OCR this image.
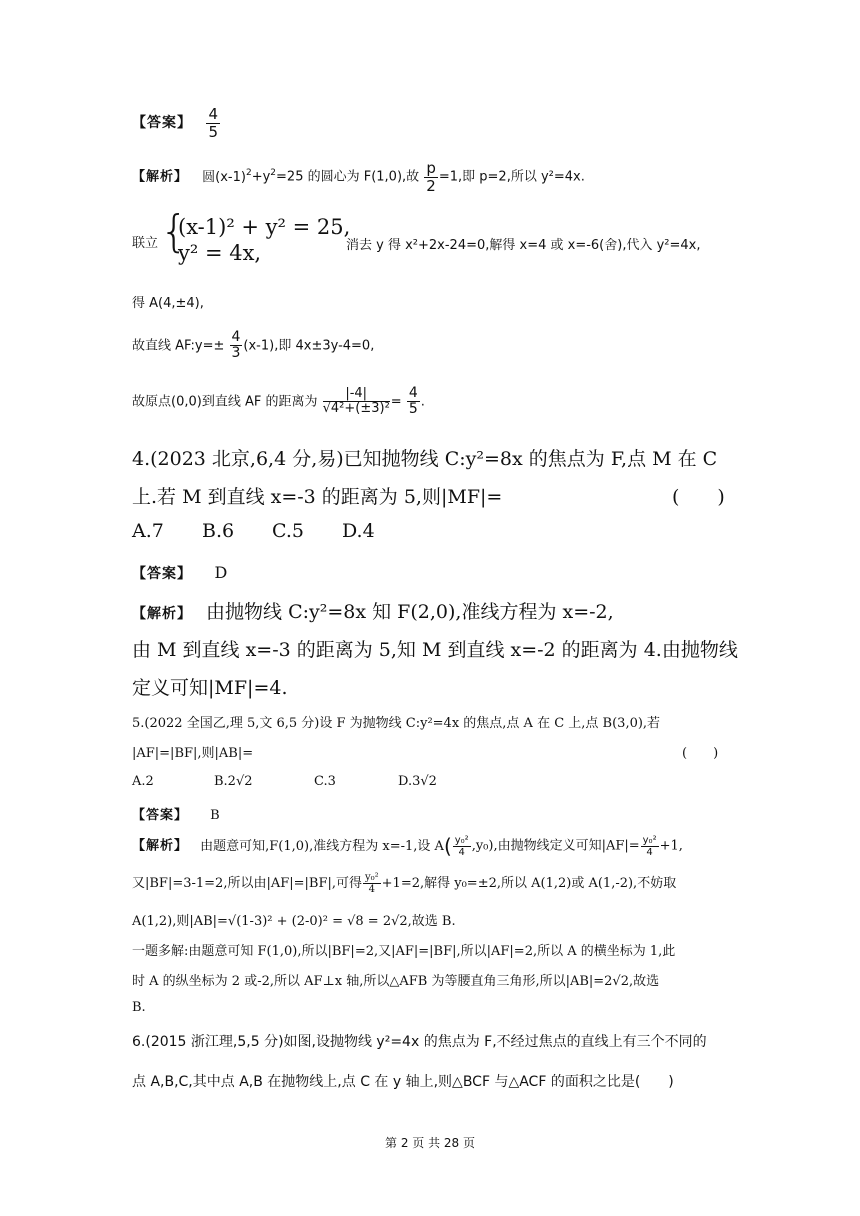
【答案】 $\frac{4}{5}$
【解析】 圆$(x-1)^2+y^2=25$ 的圆心为 F(1,0),故 $\frac{p}{2} =1$,即 p=2,所以 y²=4x.
联立 {
(x-1)² + y² = 25,
y² = 4x,	消去 y 得 x²+2x-24=0,解得 x=4 或 x=-6(舍),代入 y²=4x,
得 A(4,±4),
故直线 AF:y=± $\frac{4}{3} (x-1)$,即 4x±3y-4=0,
故原点(0,0)到直线 AF 的距离为 $\frac{|-4|}{\text{√4²+(±3)²}} = \frac{4}{5}$ .
4.(2023 北京,6,4 分,易)已知抛物线 C:y²=8x 的焦点为 F,点 M 在 C
上.若 M 到直线 x=-3 的距离为 5,则|MF|=	(　　)
A.7 B.6 C.5 D.4
【答案】 D
【解析】 由抛物线 C:y²=8x 知 F(2,0),准线方程为 x=-2,
由 M 到直线 x=-3 的距离为 5,知 M 到直线 x=-2 的距离为 4.由抛物线
定义可知|MF|=4.
5.(2022 全国乙,理 5,文 6,5 分)设 F 为抛物线 C:y²=4x 的焦点,点 A 在 C 上,点 B(3,0),若
|AF|=|BF|,则|AB|=	(　　)
A.2	B.2√2	C.3	D.3√2
【答案】 B
【解析】 由题意可知,F(1,0),准线方程为 x=-1,设 $A( \frac{\text{y₀²}}{4} ,y_0)$,由抛物线定义可知$|AF|= \frac{\text{y₀²}}{4} +1$,
又|BF|=3-1=2,所以由|AF|=|BF|,可得 $\frac{\text{y₀²}}{4} +1=2$,解得 y₀=±2,所以 A(1,2)或 A(1,-2),不妨取
A(1,2),则|AB|=√(1-3)² + (2-0)² = √8 = 2√2,故选 B.
一题多解:由题意可知 F(1,0),所以|BF|=2,又|AF|=|BF|,所以|AF|=2,所以 A 的横坐标为 1,此
时 A 的纵坐标为 2 或-2,所以 AF⊥x 轴,所以△AFB 为等腰直角三角形,所以|AB|=2√2,故选
B.
6.(2015 浙江理,5,5 分)如图,设抛物线 y²=4x 的焦点为 F,不经过焦点的直线上有三个不同的
点 A,B,C,其中点 A,B 在抛物线上,点 C 在 y 轴上,则△BCF 与△ACF 的面积之比是(　　)
第 2 页 共 28 页
